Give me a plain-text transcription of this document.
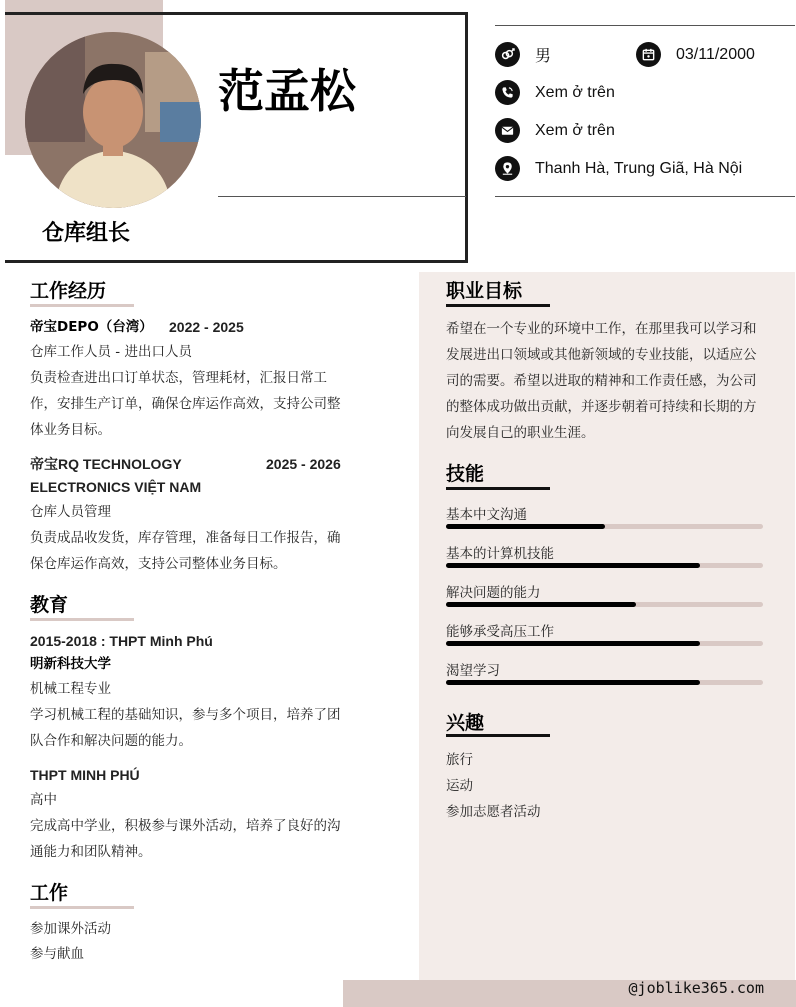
范孟松
仓库组长
男	03/11/2000
Xem ở trên
Xem ở trên
Thanh Hà, Trung Giã, Hà Nội
工作经历
帝宝DEPO（台湾） 2022 - 2025
仓库工作人员 - 进出口人员
负责检查进出口订单状态，管理耗材，汇报日常工
作，安排生产订单，确保仓库运作高效，支持公司整
体业务目标。
帝宝RQ TECHNOLOGY	2025 - 2026
ELECTRONICS VIỆT NAM
仓库人员管理
负责成品收发货，库存管理，准备每日工作报告，确
保仓库运作高效，支持公司整体业务目标。
教育
2015-2018 : THPT Minh Phú
明新科技大学
机械工程专业
学习机械工程的基础知识，参与多个项目，培养了团
队合作和解决问题的能力。
THPT MINH PHÚ
高中
完成高中学业，积极参与课外活动，培养了良好的沟
通能力和团队精神。
工作
参加课外活动
参与献血
职业目标
希望在一个专业的环境中工作，在那里我可以学习和
发展进出口领域或其他新领域的专业技能，以适应公
司的需要。希望以进取的精神和工作责任感，为公司
的整体成功做出贡献，并逐步朝着可持续和长期的方
向发展自己的职业生涯。
技能
基本中文沟通
基本的计算机技能
解决问题的能力
能够承受高压工作
渴望学习
兴趣
旅行
运动
参加志愿者活动
@joblike365.com
